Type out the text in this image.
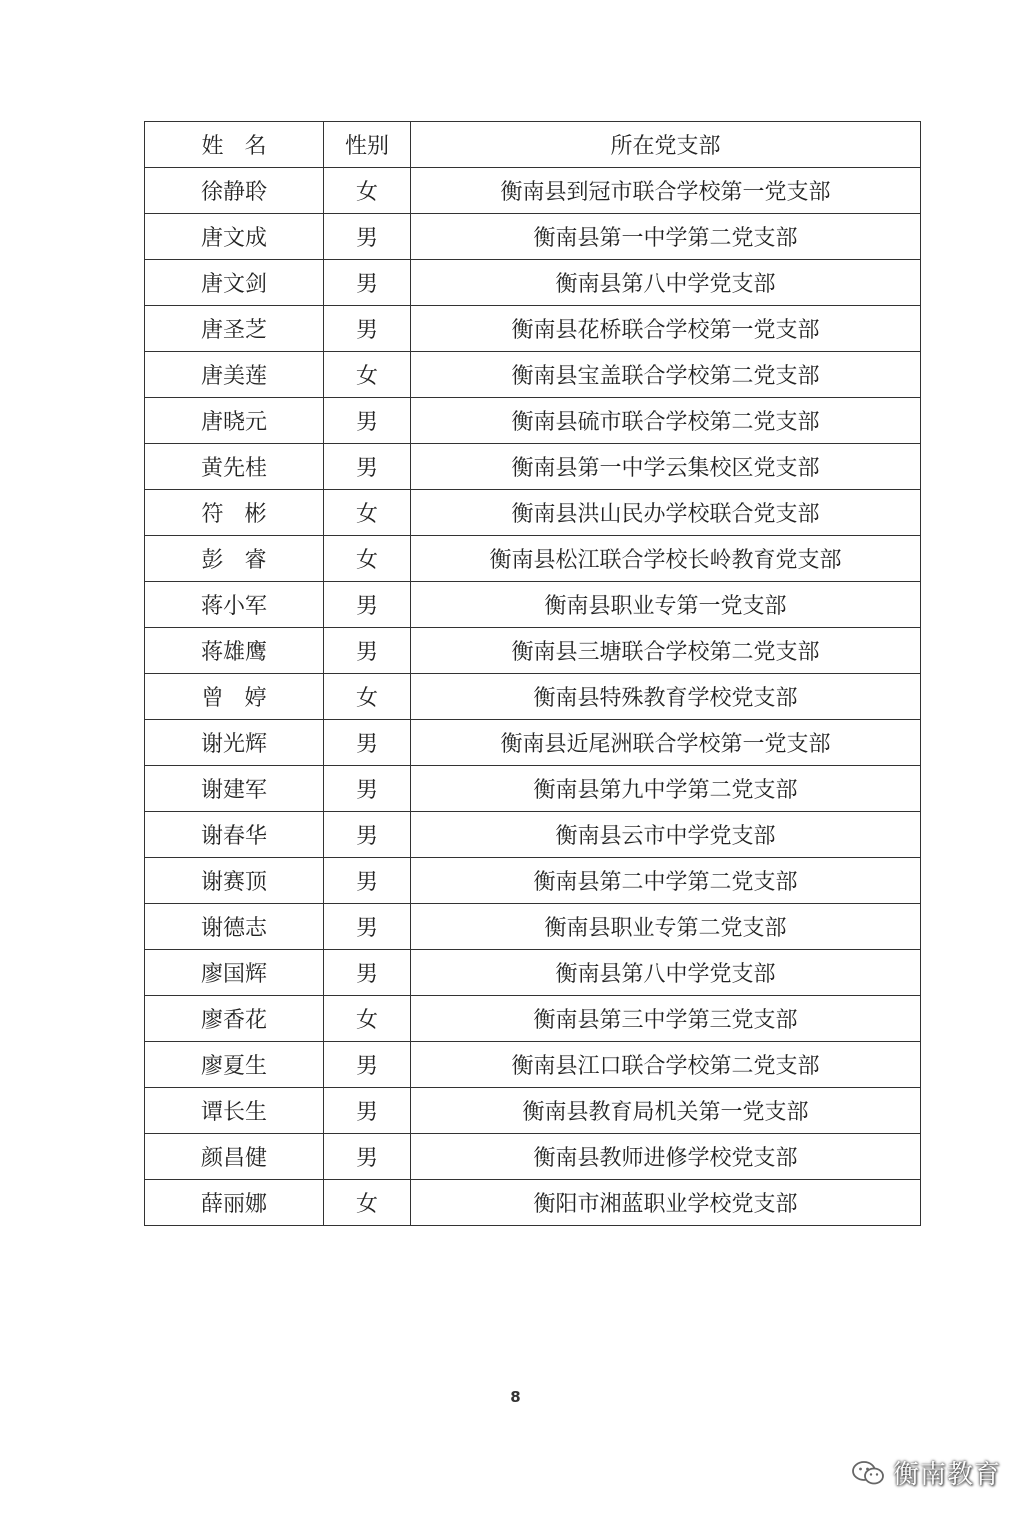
姓 名	性别	所在党支部
徐静聆	女	衡南县到冠市联合学校第一党支部
唐文成	男	衡南县第一中学第二党支部
唐文剑	男	衡南县第八中学党支部
唐圣芝	男	衡南县花桥联合学校第一党支部
唐美莲	女	衡南县宝盖联合学校第二党支部
唐晓元	男	衡南县硫市联合学校第二党支部
黄先桂	男	衡南县第一中学云集校区党支部
符 彬	女	衡南县洪山民办学校联合党支部
彭 睿	女	衡南县松江联合学校长岭教育党支部
蒋小军	男	衡南县职业专第一党支部
蒋雄鹰	男	衡南县三塘联合学校第二党支部
曾 婷	女	衡南县特殊教育学校党支部
谢光辉	男	衡南县近尾洲联合学校第一党支部
谢建军	男	衡南县第九中学第二党支部
谢春华	男	衡南县云市中学党支部
谢赛顶	男	衡南县第二中学第二党支部
谢德志	男	衡南县职业专第二党支部
廖国辉	男	衡南县第八中学党支部
廖香花	女	衡南县第三中学第三党支部
廖夏生	男	衡南县江口联合学校第二党支部
谭长生	男	衡南县教育局机关第一党支部
颜昌健	男	衡南县教师进修学校党支部
薛丽娜	女	衡阳市湘蓝职业学校党支部
8
衡南教育
